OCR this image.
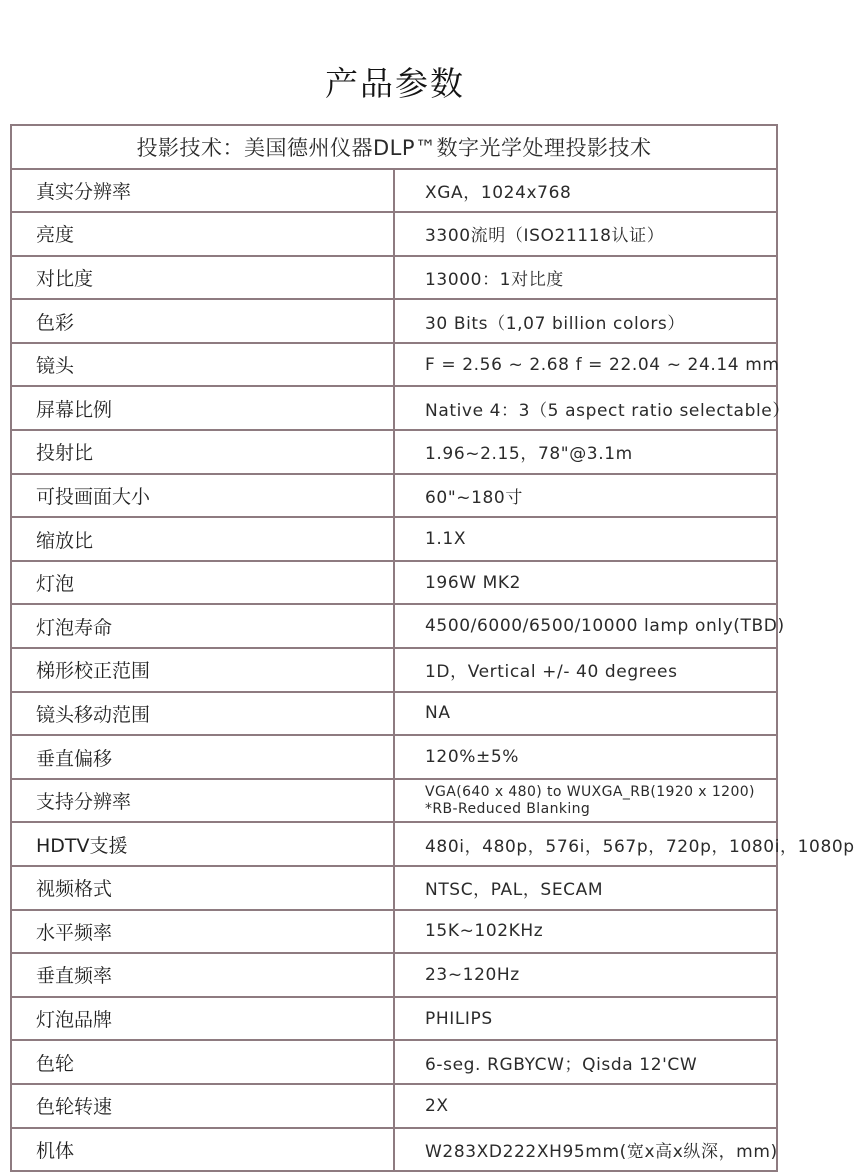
产品参数
投影技术：美国德州仪器DLP™数字光学处理投影技术	
真实分辨率	XGA，1024x768
亮度	3300流明（ISO21118认证）
对比度	13000：1对比度
色彩	30 Bits（1,07 billion colors）
镜头	F = 2.56 ~ 2.68 f = 22.04 ~ 24.14 mm
屏幕比例	Native 4：3（5 aspect ratio selectable）
投射比	1.96~2.15，78"@3.1m
可投画面大小	60"~180寸
缩放比	1.1X
灯泡	196W MK2
灯泡寿命	4500/6000/6500/10000 lamp only(TBD)
梯形校正范围	1D，Vertical +/- 40 degrees
镜头移动范围	NA
垂直偏移	120%±5%
支持分辨率	VGA(640 x 480) to WUXGA_RB(1920 x 1200)
*RB-Reduced Blanking

HDTV支援	480i，480p，576i，567p，720p，1080i，1080p
视频格式	NTSC，PAL，SECAM
水平频率	15K~102KHz
垂直频率	23~120Hz
灯泡品牌	PHILIPS
色轮	6-seg. RGBYCW；Qisda 12'CW
色轮转速	2X
机体	W283XD222XH95mm(宽x高x纵深，mm)
